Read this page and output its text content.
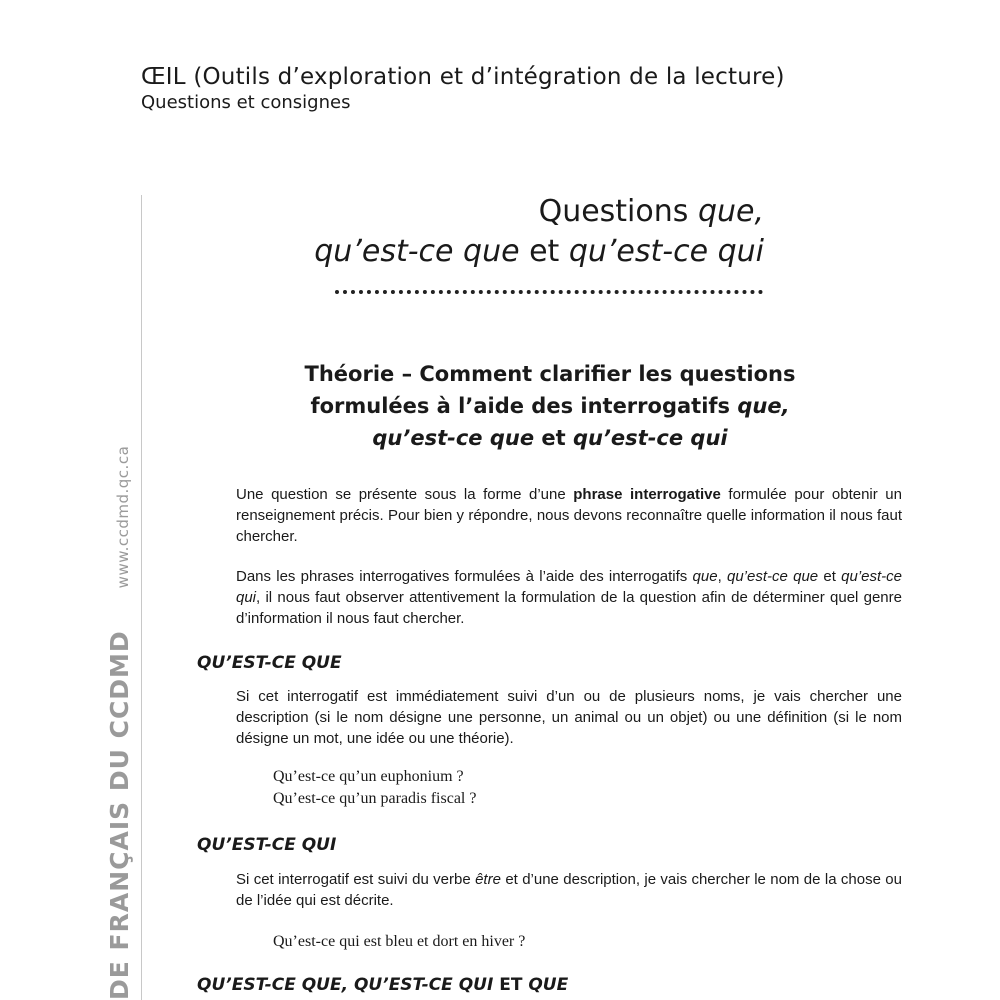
ŒIL (Outils d’exploration et d’intégration de la lecture)
Questions et consignes
DE FRANÇAIS DU CCDMDwww.ccdmd.qc.ca
Questions que,
qu’est-ce que et qu’est-ce qui
Théorie – Comment clarifier les questions
formulées à l’aide des interrogatifs que,
qu’est-ce que et qu’est-ce qui

Une question se présente sous la forme d’une phrase interrogative formulée pour obtenir un renseignement précis. Pour bien y répondre, nous devons reconnaître quelle information il nous faut chercher.

Dans les phrases interrogatives formulées à l’aide des interrogatifs que, qu’est-ce que et qu’est-ce qui, il nous faut observer attentivement la formulation de la question afin de déterminer quel genre d’information il nous faut chercher.

QU’EST-CE QUE

Si cet interrogatif est immédiatement suivi d’un ou de plusieurs noms, je vais chercher une description (si le nom désigne une personne, un animal ou un objet) ou une définition (si le nom désigne un mot, une idée ou une théorie).

Qu’est-ce qu’un euphonium ?
Qu’est-ce qu’un paradis fiscal ?
QU’EST-CE QUI

Si cet interrogatif est suivi du verbe être et d’une description, je vais chercher le nom de la chose ou de l’idée qui est décrite.

Qu’est-ce qui est bleu et dort en hiver ?
QU’EST-CE QUE, QU’EST-CE QUI ET QUE
